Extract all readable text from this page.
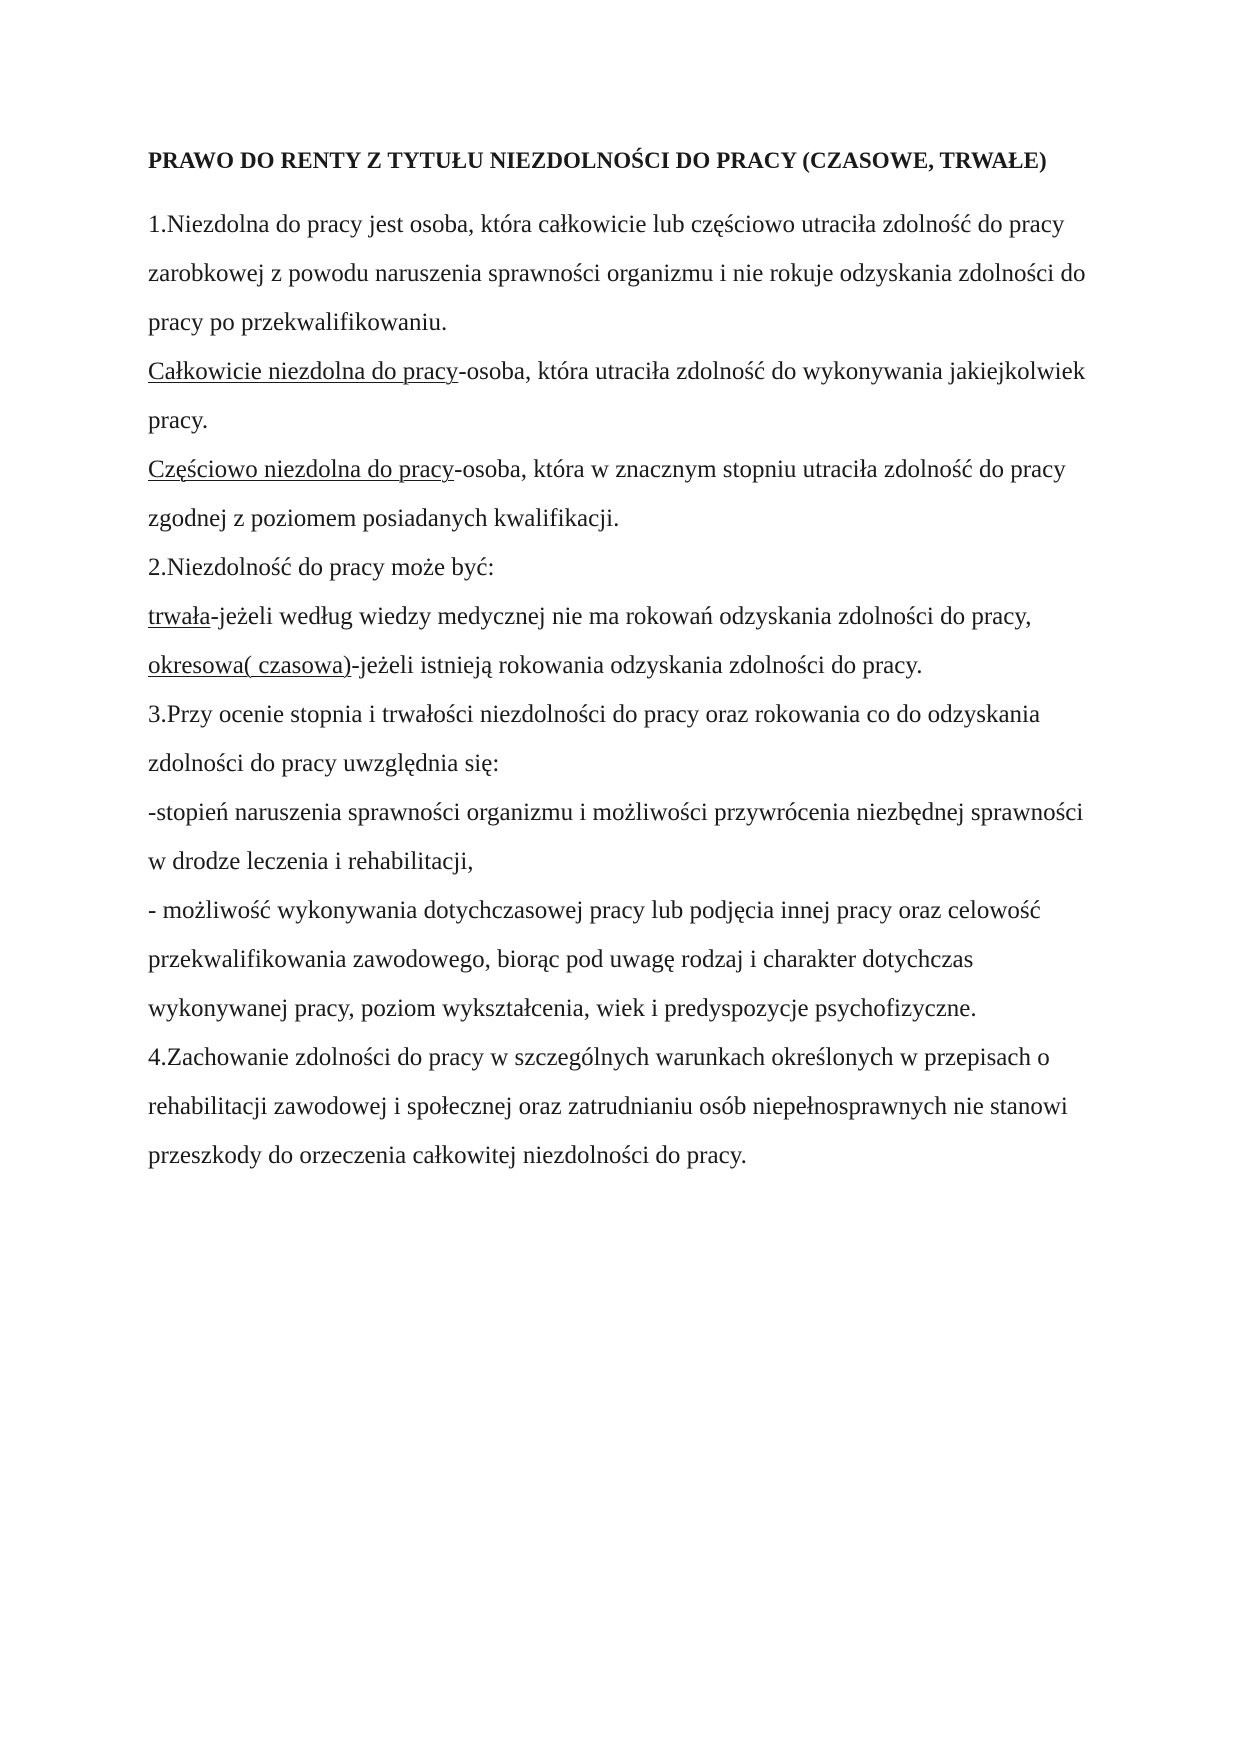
PRAWO DO RENTY Z TYTUŁU NIEZDOLNOŚCI DO PRACY (CZASOWE, TRWAŁE)

1.Niezdolna do pracy jest osoba, która całkowicie lub częściowo utraciła zdolność do pracy zarobkowej z powodu naruszenia sprawności organizmu i nie rokuje odzyskania zdolności do pracy po przekwalifikowaniu.

Całkowicie niezdolna do pracy-osoba, która utraciła zdolność do wykonywania jakiejkolwiek pracy.

Częściowo niezdolna do pracy-osoba, która w znacznym stopniu utraciła zdolność do pracy zgodnej z poziomem posiadanych kwalifikacji.

2.Niezdolność do pracy może być:

trwała-jeżeli według wiedzy medycznej nie ma rokowań odzyskania zdolności do pracy,

okresowa( czasowa)-jeżeli istnieją rokowania odzyskania zdolności do pracy.

3.Przy ocenie stopnia i trwałości niezdolności do pracy oraz rokowania co do odzyskania zdolności do pracy uwzględnia się:

-stopień naruszenia sprawności organizmu i możliwości przywrócenia niezbędnej sprawności w drodze leczenia i rehabilitacji,

- możliwość wykonywania dotychczasowej pracy lub podjęcia innej pracy oraz celowość przekwalifikowania zawodowego, biorąc pod uwagę rodzaj i charakter dotychczas wykonywanej pracy, poziom wykształcenia, wiek i predyspozycje psychofizyczne.

4.Zachowanie zdolności do pracy w szczególnych warunkach określonych w przepisach o rehabilitacji zawodowej i społecznej oraz zatrudnianiu osób niepełnosprawnych nie stanowi przeszkody do orzeczenia całkowitej niezdolności do pracy.
